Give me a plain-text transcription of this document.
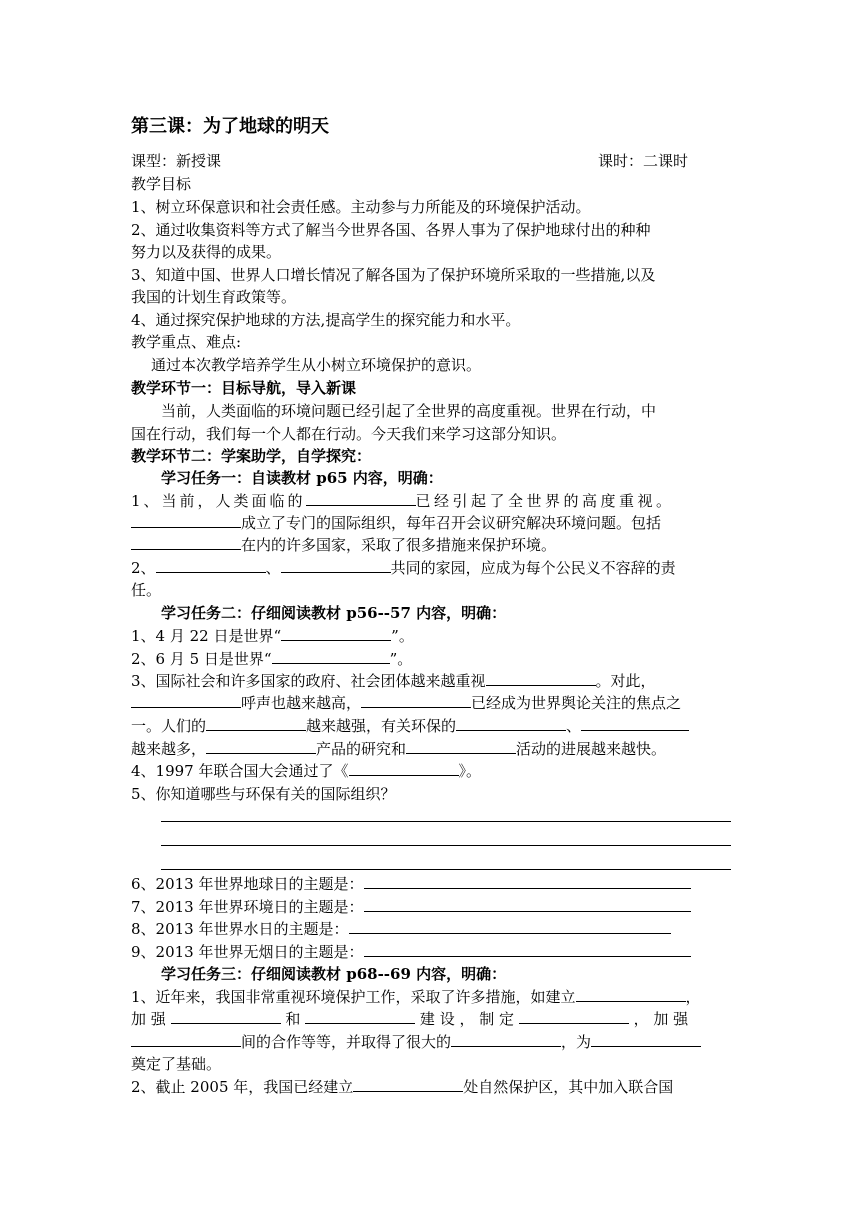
第三课：为了地球的明天
课型：新授课	课时：二课时
教学目标
1、树立环保意识和社会责任感。主动参与力所能及的环境保护活动。
2、通过收集资料等方式了解当今世界各国、各界人事为了保护地球付出的种种
努力以及获得的成果。
3、知道中国、世界人口增长情况了解各国为了保护环境所采取的一些措施,以及
我国的计划生育政策等。
4、通过探究保护地球的方法,提高学生的探究能力和水平。
教学重点、难点:
通过本次教学培养学生从小树立环境保护的意识。
教学环节一：目标导航，导入新课
当前，人类面临的环境问题已经引起了全世界的高度重视。世界在行动，中
国在行动，我们每一个人都在行动。今天我们来学习这部分知识。
教学环节二：学案助学，自学探究：
学习任务一：自读教材 p65 内容，明确：
1、当前，人类面临的	已经引起了全世界的高度重视。
成立了专门的国际组织，每年召开会议研究解决环境问题。包括
在内的许多国家，采取了很多措施来保护环境。
2、	、	共同的家园，应成为每个公民义不容辞的责
任。
学习任务二：仔细阅读教材 p56--57 内容，明确：
1、4 月 22 日是世界“	”。
2、6 月 5 日是世界“	”。
3、国际社会和许多国家的政府、社会团体越来越重视	。对此，
呼声也越来越高，	已经成为世界舆论关注的焦点之
一。人们的	越来越强，有关环保的	、
越来越多，	产品的研究和	活动的进展越来越快。
4、1997 年联合国大会通过了《	》。
5、你知道哪些与环保有关的国际组织？
6、2013 年世界地球日的主题是：
7、2013 年世界环境日的主题是：
8、2013 年世界水日的主题是：
9、2013 年世界无烟日的主题是：
学习任务三：仔细阅读教材 p68--69 内容，明确：
1、近年来，我国非常重视环境保护工作，采取了许多措施，如建立	，
加 强	和	建 设 ， 制 定	， 加 强
间的合作等等，并取得了很大的	，为
奠定了基础。
2、截止 2005 年，我国已经建立	处自然保护区，其中加入联合国
